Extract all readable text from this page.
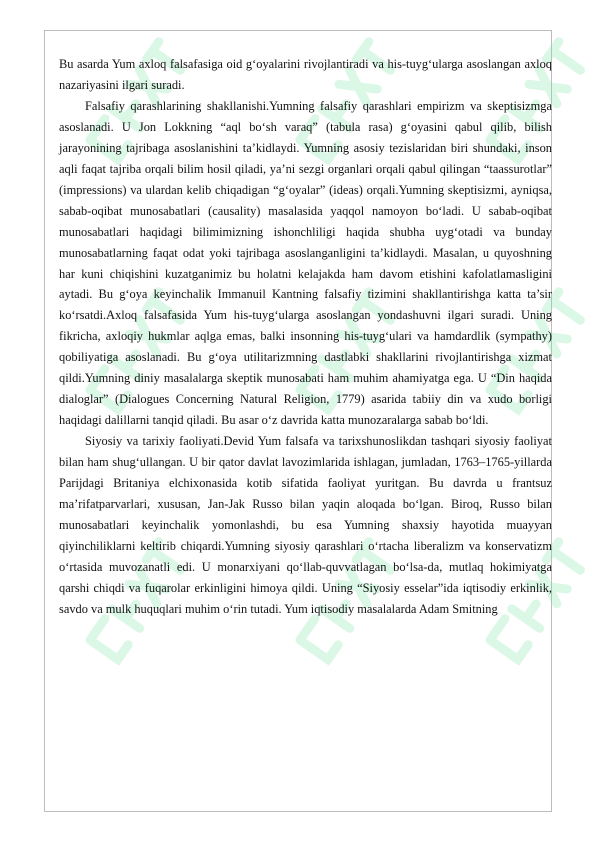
Bu asarda Yum axloq falsafasiga oid g‘oyalarini rivojlantiradi va his-tuyg‘ularga asoslangan axloq nazariyasini ilgari suradi.

Falsafiy qarashlarining shakllanishi.Yumning falsafiy qarashlari empirizm va skeptisizmga asoslanadi. U Jon Lokkning “aql bo‘sh varaq” (tabula rasa) g‘oyasini qabul qilib, bilish jarayonining tajribaga asoslanishini ta’kidlaydi. Yumning asosiy tezislaridan biri shundaki, inson aqli faqat tajriba orqali bilim hosil qiladi, ya’ni sezgi organlari orqali qabul qilingan “taassurotlar” (impressions) va ulardan kelib chiqadigan “g‘oyalar” (ideas) orqali.Yumning skeptisizmi, ayniqsa, sabab-oqibat munosabatlari (causality) masalasida yaqqol namoyon bo‘ladi. U sabab-oqibat munosabatlari haqidagi bilimimizning ishonchliligi haqida shubha uyg‘otadi va bunday munosabatlarning faqat odat yoki tajribaga asoslanganligini ta’kidlaydi. Masalan, u quyoshning har kuni chiqishini kuzatganimiz bu holatni kelajakda ham davom etishini kafolatlamasligini aytadi. Bu g‘oya keyinchalik Immanuil Kantning falsafiy tizimini shakllantirishga katta ta’sir ko‘rsatdi.Axloq falsafasida Yum his-tuyg‘ularga asoslangan yondashuvni ilgari suradi. Uning fikricha, axloqiy hukmlar aqlga emas, balki insonning his-tuyg‘ulari va hamdardlik (sympathy) qobiliyatiga asoslanadi. Bu g‘oya utilitarizmning dastlabki shakllarini rivojlantirishga xizmat qildi.Yumning diniy masalalarga skeptik munosabati ham muhim ahamiyatga ega. U “Din haqida dialoglar” (Dialogues Concerning Natural Religion, 1779) asarida tabiiy din va xudo borligi haqidagi dalillarni tanqid qiladi. Bu asar o‘z davrida katta munozaralarga sabab bo‘ldi.

Siyosiy va tarixiy faoliyati.Devid Yum falsafa va tarixshunoslikdan tashqari siyosiy faoliyat bilan ham shug‘ullangan. U bir qator davlat lavozimlarida ishlagan, jumladan, 1763–1765-yillarda Parijdagi Britaniya elchixonasida kotib sifatida faoliyat yuritgan. Bu davrda u frantsuz ma’rifatparvarlari, xususan, Jan-Jak Russo bilan yaqin aloqada bo‘lgan. Biroq, Russo bilan munosabatlari keyinchalik yomonlashdi, bu esa Yumning shaxsiy hayotida muayyan qiyinchiliklarni keltirib chiqardi.Yumning siyosiy qarashlari o‘rtacha liberalizm va konservatizm o‘rtasida muvozanatli edi. U monarxiyani qo‘llab-quvvatlagan bo‘lsa-da, mutlaq hokimiyatga qarshi chiqdi va fuqarolar erkinligini himoya qildi. Uning “Siyosiy esselar”ida iqtisodiy erkinlik, savdo va mulk huquqlari muhim o‘rin tutadi. Yum iqtisodiy masalalarda Adam Smitning
